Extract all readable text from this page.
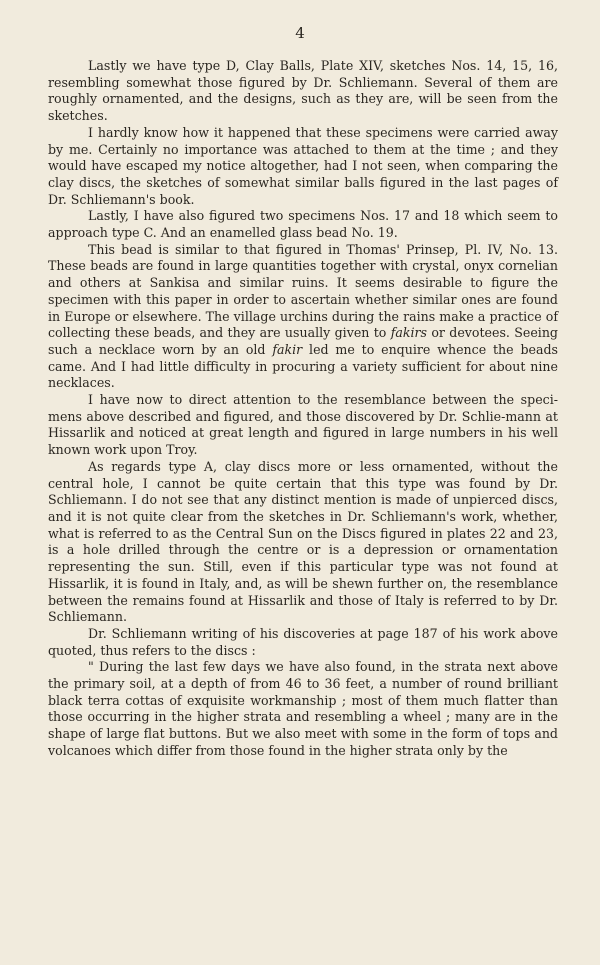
4

Lastly we have type D, Clay Balls, Plate XIV, sketches Nos. 14, 15, 16, resembling somewhat those figured by Dr. Schliemann. Several of them are roughly ornamented, and the designs, such as they are, will be seen from the sketches.

I hardly know how it happened that these specimens were carried away by me. Certainly no importance was attached to them at the time ; and they would have escaped my notice altogether, had I not seen, when comparing the clay discs, the sketches of somewhat similar balls figured in the last pages of Dr. Schliemann's book.

Lastly, I have also figured two specimens Nos. 17 and 18 which seem to approach type C. And an enamelled glass bead No. 19.

This bead is similar to that figured in Thomas' Prinsep, Pl. IV, No. 13. These beads are found in large quantities together with crystal, onyx cornelian and others at Sankisa and similar ruins. It seems desirable to figure the specimen with this paper in order to ascertain whether similar ones are found in Europe or elsewhere. The village urchins during the rains make a practice of collecting these beads, and they are usually given to fakirs or devotees. Seeing such a necklace worn by an old fakir led me to enquire whence the beads came. And I had little difficulty in procuring a variety sufficient for about nine necklaces.

I have now to direct attention to the resemblance between the speci-mens above described and figured, and those discovered by Dr. Schlie-mann at Hissarlik and noticed at great length and figured in large numbers in his well known work upon Troy.

As regards type A, clay discs more or less ornamented, without the central hole, I cannot be quite certain that this type was found by Dr. Schliemann. I do not see that any distinct mention is made of unpierced discs, and it is not quite clear from the sketches in Dr. Schliemann's work, whether, what is referred to as the Central Sun on the Discs figured in plates 22 and 23, is a hole drilled through the centre or is a depression or ornamentation representing the sun. Still, even if this particular type was not found at Hissarlik, it is found in Italy, and, as will be shewn further on, the resemblance between the remains found at Hissarlik and those of Italy is referred to by Dr. Schliemann.

Dr. Schliemann writing of his discoveries at page 187 of his work above quoted, thus refers to the discs :

" During the last few days we have also found, in the strata next above the primary soil, at a depth of from 46 to 36 feet, a number of round brilliant black terra cottas of exquisite workmanship ; most of them much flatter than those occurring in the higher strata and resembling a wheel ; many are in the shape of large flat buttons. But we also meet with some in the form of tops and volcanoes which differ from those found in the higher strata only by the
